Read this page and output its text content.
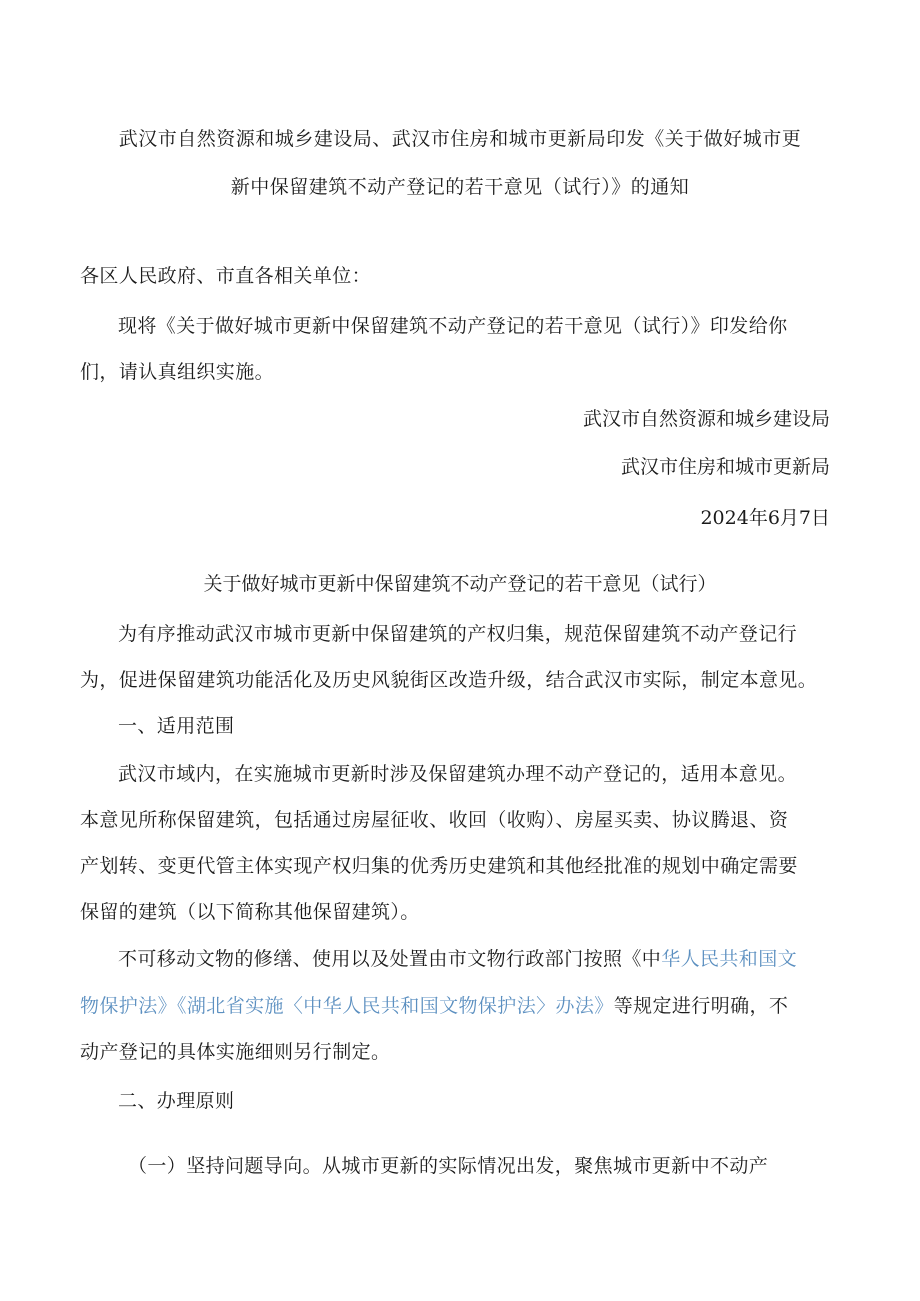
武汉市自然资源和城乡建设局、武汉市住房和城市更新局印发《关于做好城市更
新中保留建筑不动产登记的若干意见（试行）》的通知
各区人民政府、市直各相关单位：
现将《关于做好城市更新中保留建筑不动产登记的若干意见（试行）》印发给你
们，请认真组织实施。
武汉市自然资源和城乡建设局
武汉市住房和城市更新局
2024年6月7日
关于做好城市更新中保留建筑不动产登记的若干意见（试行）
为有序推动武汉市城市更新中保留建筑的产权归集，规范保留建筑不动产登记行
为，促进保留建筑功能活化及历史风貌街区改造升级，结合武汉市实际，制定本意见。
一、适用范围
武汉市域内，在实施城市更新时涉及保留建筑办理不动产登记的，适用本意见。
本意见所称保留建筑，包括通过房屋征收、收回（收购）、房屋买卖、协议腾退、资
产划转、变更代管主体实现产权归集的优秀历史建筑和其他经批准的规划中确定需要
保留的建筑（以下简称其他保留建筑）。
不可移动文物的修缮、使用以及处置由市文物行政部门按照《中华人民共和国文
物保护法》《湖北省实施〈中华人民共和国文物保护法〉办法》等规定进行明确，不
动产登记的具体实施细则另行制定。
二、办理原则
（一）坚持问题导向。从城市更新的实际情况出发，聚焦城市更新中不动产
